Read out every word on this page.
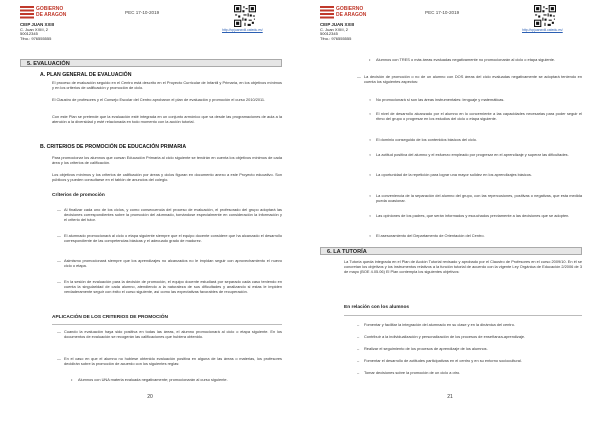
GOBIERNO
DE ARAGON
CEIP JUAN XXIII
C. Juan XXIII, 2
50012345
Tfno.: 976555555
PEC 17-10-2019
http://cpjuanxxiii.catedu.es/
5. EVALUACIÓN
A. PLAN GENERAL DE EVALUACIÓN
El proceso de evaluación seguido en el Centro está descrito en el Proyecto Curricular de Infantil y Primaria, en los objetivos mínimos y en los criterios de calificación y promoción de ciclo.
El Claustro de profesores y el Consejo Escolar del Centro aprobaron el plan de evaluación y promoción el curso 2010/2011.
Con este Plan se pretende que la evaluación esté integrada en un conjunto armónico que va desde las programaciones de aula a la atención a la diversidad y esté relacionada en todo momento con la acción tutorial.
B. CRITERIOS DE PROMOCIÓN DE EDUCACIÓN PRIMARIA
Para promocionar los alumnos que cursan Educación Primaria al ciclo siguiente se tendrán en cuenta los objetivos mínimos de cada área y los criterios de calificación.
Los objetivos mínimos y los criterios de calificación por áreas y ciclos figuran en documento anexo a este Proyecto educativo. Son públicos y pueden consultarse en el tablón de anuncios del colegio.
Criterios de promoción
— Al finalizar cada uno de los ciclos, y como consecuencia del proceso de evaluación, el profesorado del grupo adoptará las decisiones correspondientes sobre la promoción del alumnado, tomándose especialmente en consideración la información y el criterio del tutor.
— El alumnado promocionará al ciclo o etapa siguiente siempre que el equipo docente considere que ha alcanzado el desarrollo correspondiente de las competencias básicas y el adecuado grado de madurez.
— Asimismo promocionará siempre que los aprendizajes no alcanzados no le impidan seguir con aprovechamiento el nuevo ciclo o etapa.
— En la sesión de evaluación para la decisión de promoción, el equipo docente estudiará por separado cada caso teniendo en cuenta la singularidad de cada alumno, atendiendo a la naturaleza de sus dificultades y analizando si estas le impiden verdaderamente seguir con éxito el curso siguiente, así como las expectativas favorables de recuperación.
APLICACIÓN DE LOS CRITERIOS DE PROMOCIÓN
— Cuando la evaluación haya sido positiva en todas las áreas, el alumno promocionará al ciclo o etapa siguiente. En los documentos de evaluación se recogerán las calificaciones que hubiera obtenido.
— En el caso en que el alumno no hubiese obtenido evaluación positiva en alguna de las áreas o materias, los profesores decidirán sobre la promoción de acuerdo con los siguientes reglas:
• Alumnos con UNA materia evaluada negativamente; promocionarán al curso siguiente.
20
GOBIERNO
DE ARAGON
CEIP JUAN XXIII
C. Juan XXIII, 2
50012345
Tfno.: 976555555
PEC 17-10-2019
http://cpjuanxxiii.catedu.es/
• Alumnos con TRES o más áreas evaluadas negativamente no promocionarán al ciclo o etapa siguiente.
— La decisión de promoción o no de un alumno con DOS áreas del ciclo evaluadas negativamente se adoptará teniendo en cuenta los siguientes aspectos:
○ No promocionará si son las áreas instrumentales: lenguaje y matemáticas.
○ El nivel de desarrollo alcanzado por el alumno en lo concerniente a las capacidades necesarias para poder seguir el ritmo del grupo o progresar en los estudios del ciclo o etapa siguiente.
○ El dominio conseguido de los contenidos básicos del ciclo.
○ La actitud positiva del alumno y el esfuerzo empleado por progresar en el aprendizaje y superar las dificultades.
○ La oportunidad de la repetición para lograr una mayor solidez en los aprendizajes básicos.
○ La conveniencia de la separación del alumno del grupo, con las repercusiones, positivas o negativas, que esta medida pueda ocasionar.
○ Las opiniones de los padres, que serán informados y escuchados previamente a las decisiones que se adopten.
○ El asesoramiento del Departamento de Orientación del Centro.
6. LA TUTORÍA
La Tutoría queda integrada en el Plan de Acción Tutorial revisado y aprobado por el Claustro de Profesores en el curso 2009/10. En él se concretan los objetivos y los instrumentos relativos a la función tutorial de acuerdo con la vigente Ley Orgánica de Educación 2/2006 de 3 de mayo (BOE 4.05.06) El Plan contempla los siguientes objetivos:
En relación con los alumnos
– Fomentar y facilitar la integración del alumnado en su clase y en la dinámica del centro.
– Contribuir a la individualización y personalización de los procesos de enseñanza-aprendizaje.
– Realizar el seguimiento de los procesos de aprendizaje de los alumnos.
– Fomentar el desarrollo de actitudes participativas en el centro y en su entorno sociocultural.
– Tomar decisiones sobre la promoción de un ciclo a otro.
21
